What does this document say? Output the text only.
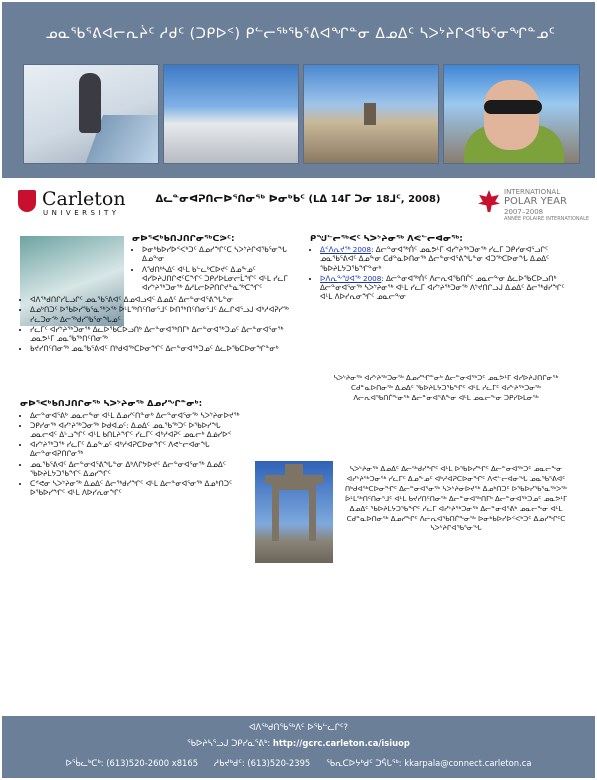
ᓄᓇᖃᕐᕕᐊᓕᕆᔩᑦ ᓱᑯᑦ (ᑐᑭᐅᑉ) ᑭᓪᓕᖅᖃᕐᕕᐊᖏᓐᓂ ᐃᓄᐃᑦ ᓴᐳᔾᔨᒋᐊᖃᕐᓂᖏᓐᓄᑦ
Carleton
UNIVERSITY
ᐃᓚᓐᓂᐊᕈᑎᓕᐅᕐᑎᓂᖅ ᐅᓂᒃᑲᑦ (Lᐃ 14ᒥ ᑐᓂ 18ᒧᑦ, 2008)
INTERNATIONAL
POLAR YEAR
2007–2008
ANNÉE POLAIRE INTERNATIONALE
ᓂᐅᕐᐸᒃᑲᑎᒍᑎᒋᓂᖅᑕᕗᑦ:
• ᐅᓂᒃᑲᐅᓯᐅᑉᐸᒃᑐᑦ ᐃᓄᓯᖏᑦᑕ ᓴᐳᔾᔨᒋᐊᖃᕐᓂᖓ ᐃᓄᖕᓂ
• ᐱᖁᑎᒃᓴᐃᑦ ᐊᒻᒪ ᑲᓪᓚᒃᑕᐅᔪᑦ ᐃᓄᖕᓄᑦ ᐊᓯᐅᔨᒍᑎᒋᕙᑦᑕᖏᑦ ᑐᑭᓯᐅᒪᓂᓕᒫᖏᑦ ᐊᒻᒪ ᓯᓚᒥ ᐊᓯᔾᔨᖅᑐᓂᖅ ᐃᓱᒪᓕᐅᕈᑎᒋᔪᓐᓇᖅᑕᖏᑦ
• ᐊᐱᖅᑯᑎᒋᓯᒪᓗᒋᑦ ᓄᓇᖃᕐᕕᐊᑦ ᐃᓄᐊᓗᐊᑦ ᐃᓄᐃᑦ ᐃᓕᓐᓂᐊᕐᕕᖓᓐᓂ
• ᐃᓄᒃᑎᑐᑦ ᐅᖃᐅᓯᖃᕐᓇᖅᐳᖅ ᐆᒻᒪᖅᑎᑦᑎᓂᕐᒧᑦ ᐅᑎᖅᑎᑦᑎᓂᕐᒧᑦ ᐃᓚᒋᐊᕐᓗᒍ ᐊᒃᓱᐊᕈᓯᖅ ᓯᓚᑐᓂᖅ ᐃᓕᖅᑯᓯᖃᕐᓂᖓᓄᑦ
• ᓯᓚᒥᑦ ᐊᓯᔾᔨᖅᑐᓂᖅ ᐃᓚᐅᖃᑕᐅᓗᑎᒃ ᐃᓕᓐᓂᐊᖅᑎᒥᒃ ᐃᓕᓐᓂᐊᖅᑐᓄᑦ ᐃᓕᓐᓂᐊᕐᓂᖅ ᓄᓇᕗᒻᒥ ᓄᓇᖃᖅᑎᑦᑎᓂᖅ
• ᑲᔪᓯᑎᑦᑎᓂᖅ ᓄᓇᖃᕐᕕᐊᑦ ᑎᒃᑯᐊᖅᑕᐅᓂᖏᑦ ᐃᓕᓐᓂᐊᖅᑐᓄᑦ ᐃᓚᐅᖃᑕᐅᓂᖏᓐᓂᒃ
ᓂᐅᕐᐸᒃᑲᑎᒍᑎᒋᓂᖅ ᓴᐳᔾᔨᓂᖅ ᐃᓄᓯᖏᓐᓂᒃ:
• ᐃᓕᓐᓂᐊᕐᕕᒃ ᓄᓇᓕᖕᓂ ᐊᒻᒪ ᐃᓄᓯᑦᑎᓐᓂᒃ ᐃᓕᓐᓂᐊᕐᓂᖅ ᓴᐳᔾᔨᓂᐅᔪᖅ
• ᑐᑭᓯᓂᖅ ᐊᓯᔾᔨᖅᑐᓂᖅ ᐅᑯᐊᓄᑦ: ᐃᓄᐃᑦ ᓄᓇᖃᖅᑐᑦ ᐅᖃᐅᓯᖓ ᓄᓇᓕᐊᑦ ᐃᒡᓗᖏᑦ ᐊᒻᒪ ᑲᑎᒪᔨᖏᑦ ᓯᓚᒥᑦ ᐊᒃᓱᐊᕈᑦ ᓄᓇᓕᒃ ᐃᓅᓯᐅᑉ
• ᐊᓯᔾᔨᖅᑐᖅ ᓯᓚᒥᑦ ᐃᓄᖕᓄᑦ ᐊᒃᓱᐊᕈᑕᐅᓂᖏᑦ ᐱᕙᓪᓕᐊᓂᖓ ᐃᓕᓐᓂᐊᕈᑎᒋᓂᖅ
• ᓄᓇᖃᕐᕕᐊᑦ ᐃᓕᓐᓂᐊᕐᕕᖓᓐᓂ ᐃᒃᐱᒋᔭᐅᔪᑦ ᐃᓕᓐᓂᐊᕐᓂᖅ ᐃᓄᐃᑦ ᖃᐅᔨᒪᔭᑐᖃᖏᑦ ᐃᓄᓯᖏᑦ
• ᑕᕝᕙᓂ ᓴᐳᔾᔨᓂᖅ ᐃᓄᐃᑦ ᐃᓕᖅᑯᓯᖏᑦ ᐊᒻᒪ ᐃᓕᓐᓂᐊᕐᓂᖅ ᐃᓄᒃᑎᑐᑦ ᐅᖃᐅᓯᖏᑦ ᐊᒻᒪ ᐱᐅᓯᕆᓂᖏᑦ
ᑭᖑᓪᓕᖅᐸᑦ ᓴᐳᔾᔨᓂᖅ ᐱᕙᓪᓕᐊᓂᖅ:
• ᐃᑉᐱᕆᔪᖅ 2008: ᐃᓕᓐᓂᐊᖅᑏᑦ ᓄᓇᕗᒻᒥ ᐊᓯᔾᔨᖅᑐᓂᖅ ᓯᓚᒥ ᑐᑭᓯᓂᐊᕐᓗᒋᑦ ᓄᓇᖃᕐᕕᐊᑦ ᐃᓄᖕᓂ ᑕᑯᓐᓇᐅᑎᓂᖅ ᐃᓕᓐᓂᐊᕐᕕᖓᓐᓂ ᐊᑐᖅᑕᐅᓂᖓ ᐃᓄᐃᑦ ᖃᐅᔨᒪᔭᑐᖃᖏᓐᓂᒃ
• ᐅᐱᕆᖕᖑᐊᖅ 2008: ᐃᓕᓐᓂᐊᖅᑏᑦ ᐱᓕᕆᐊᖃᑎᒌᑦ ᓄᓇᓕᖕᓂ ᐃᓚᐅᖃᑕᐅᓗᑎᒃ ᐃᓕᓐᓂᐊᕐᓂᖅ ᓴᐳᔾᔨᓂᖅ ᐊᒻᒪ ᓯᓚᒥ ᐊᓯᔾᔨᖅᑐᓂᖅ ᐱᔾᔪᑎᒋᓗᒍ ᐃᓄᐃᑦ ᐃᓕᖅᑯᓯᖏᑦ ᐊᒻᒪ ᐱᐅᓯᕆᓂᖏᑦ ᓄᓇᓕᖕᓂ
ᓴᐳᔾᔨᓂᖅ ᐊᓯᔾᔨᖅᑐᓂᖅ ᐃᓄᓯᖏᓐᓂᒃ ᐃᓕᓐᓂᐊᖅᑐᑦ ᓄᓇᕗᒻᒥ ᐊᓯᐅᔨᒍᑎᒋᓂᖅ ᑕᑯᓐᓇᐅᑎᓂᖅ ᐃᓄᐃᑦ ᖃᐅᔨᒪᔭᑐᖃᖏᑦ ᐊᒻᒪ ᓯᓚᒥᑦ ᐊᓯᔾᔨᖅᑐᓂᖅ ᐱᓕᕆᐊᖃᑎᒌᖕᓂᖅ ᐃᓕᓐᓂᐊᕐᕕᖕᓂ ᐊᒻᒪ ᓄᓇᓕᖕᓂ ᑐᑭᓯᐅᒪᓂᖅ
ᓴᐳᔾᔨᓂᖅ ᐃᓄᐃᑦ ᐃᓕᖅᑯᓯᖏᑦ ᐊᒻᒪ ᐅᖃᐅᓯᖏᑦ ᐃᓕᓐᓂᐊᖅᑐᑦ ᓄᓇᓕᖕᓂ ᐊᓯᔾᔨᖅᑐᓂᖅ ᓯᓚᒥᑦ ᐃᓄᖕᓄᑦ ᐊᒃᓱᐊᕈᑕᐅᓂᖏᑦ ᐱᕙᓪᓕᐊᓂᖓ ᓄᓇᖃᕐᕕᐊᑦ ᑎᒃᑯᐊᖅᑕᐅᓂᖏᑦ ᐃᓕᓐᓂᐊᕐᓂᖅ ᓴᐳᔾᔨᓂᐅᔪᖅ ᐃᓄᒃᑎᑐᑦ ᐅᖃᐅᓯᖃᕐᓇᖅᐳᖅ ᐆᒻᒪᖅᑎᑦᑎᓂᕐᒧᑦ ᐊᒻᒪ ᑲᔪᓯᑎᑦᑎᓂᖅ ᐃᓕᓐᓂᐊᖅᑎᒥᒃ ᐃᓕᓐᓂᐊᖅᑐᓄᑦ ᓄᓇᕗᒻᒥ ᐃᓄᐃᑦ ᖃᐅᔨᒪᔭᑐᖃᖏᑦ ᓯᓚᒥ ᐊᓯᔾᔨᖅᑐᓂᖅ ᐃᓕᓐᓂᐊᕐᕕᒃ ᓄᓇᓕᖕᓂ ᐊᒻᒪ ᑕᑯᓐᓇᐅᑎᓂᖅ ᐃᓄᓯᖏᑦ ᐱᓕᕆᐊᖃᑎᒌᖕᓂᖅ ᐅᓂᒃᑲᐅᓯᐅᑉᐸᒃᑐᑦ ᐃᓄᓯᖏᑦᑕ ᓴᐳᔾᔨᒋᐊᖃᕐᓂᖓ
ᐊᐱᖅᑯᑎᖃᖅᐱᑦ ᐅᖃᓪᓚᒋᑦ?
ᖃᐅᔨᓴᕐᓗᒍ ᑐᑭᓯᓇᕐᕕᒃ: http://gcrc.carleton.ca/isiuop
ᐅᖄᓚᒃᑕᒃ: (613)520-2600 x8165 ᓱᑲᔪᒃᑯᑦ: (613)520-2395 ᖃᕆᑕᐅᔭᒃᑯᑦ ᑐᕌᒐᖅ: kkarpala@connect.carleton.ca
